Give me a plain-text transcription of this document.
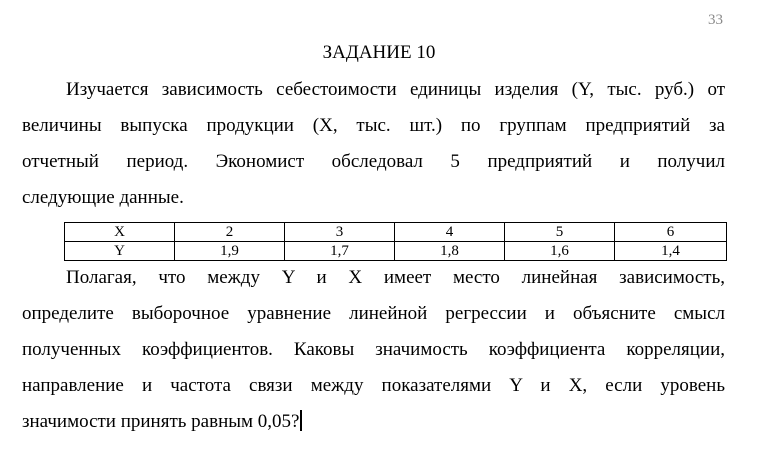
33
ЗАДАНИЕ 10
Изучается зависимость себестоимости единицы изделия (Y, тыс. руб.) от
величины выпуска продукции (X, тыс. шт.) по группам предприятий за
отчетный период. Экономист обследовал 5 предприятий и получил
следующие данные.
X	2	3	4	5	6
Y	1,9	1,7	1,8	1,6	1,4
Полагая, что между Y и X имеет место линейная зависимость,
определите выборочное уравнение линейной регрессии и объясните смысл
полученных коэффициентов. Каковы значимость коэффициента корреляции,
направление и частота связи между показателями Y и X, если уровень
значимости принять равным 0,05?
